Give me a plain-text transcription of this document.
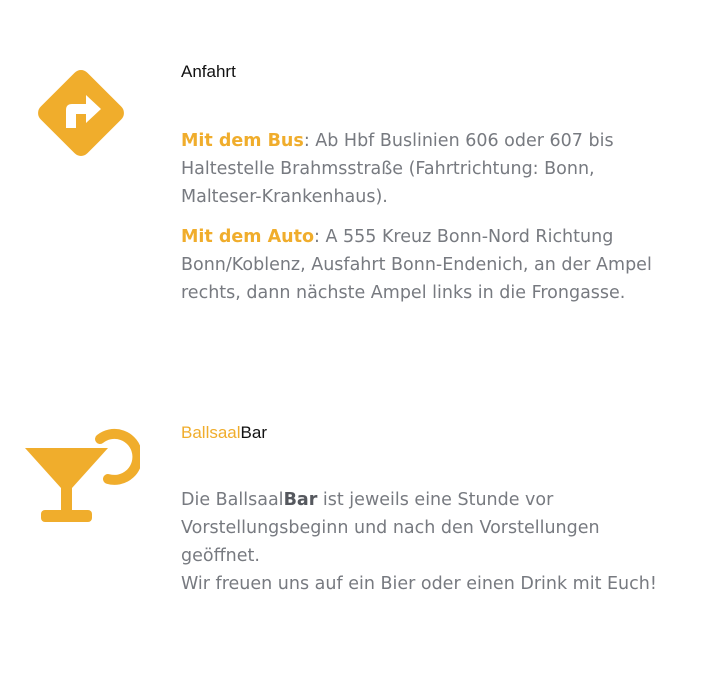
Anfahrt

Mit dem Bus: Ab Hbf Buslinien 606 oder 607 bis Haltestelle Brahmsstraße (Fahrtrichtung: Bonn, Malteser-Krankenhaus).

Mit dem Auto: A 555 Kreuz Bonn-Nord Richtung Bonn/Koblenz, Ausfahrt Bonn-Endenich, an der Ampel rechts, dann nächste Ampel links in die Frongasse.

BallsaalBar

Die BallsaalBar ist jeweils eine Stunde vor Vorstellungsbeginn und nach den Vorstellungen geöffnet.
Wir freuen uns auf ein Bier oder einen Drink mit Euch!
